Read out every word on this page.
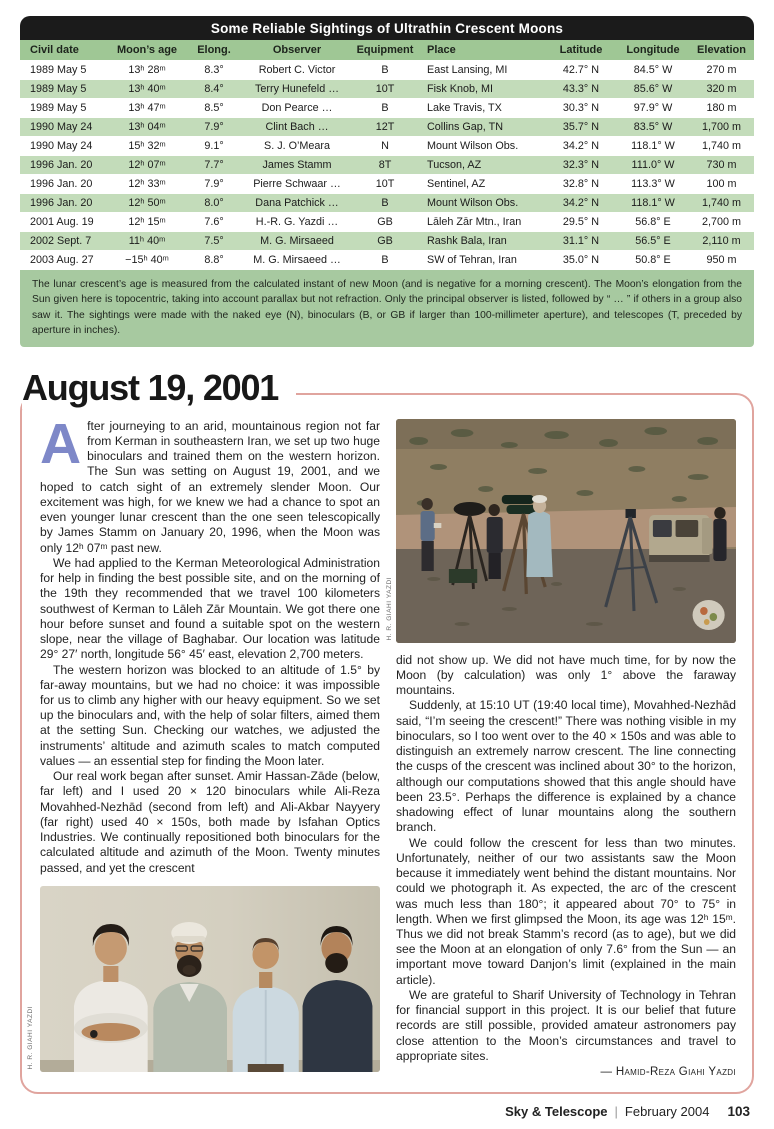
Some Reliable Sightings of Ultrathin Crescent Moons
Civil date	Moon’s age	Elong.	Observer	Equipment	Place	Latitude	Longitude	Elevation
1989 May 5	13ʰ 28ᵐ	8.3°	Robert C. Victor	B	East Lansing, MI	42.7° N	84.5° W	270 m
1989 May 5	13ʰ 40ᵐ	8.4°	Terry Hunefeld …	10T	Fisk Knob, MI	43.3° N	85.6° W	320 m
1989 May 5	13ʰ 47ᵐ	8.5°	Don Pearce …	B	Lake Travis, TX	30.3° N	97.9° W	180 m
1990 May 24	13ʰ 04ᵐ	7.9°	Clint Bach …	12T	Collins Gap, TN	35.7° N	83.5° W	1,700 m
1990 May 24	15ʰ 32ᵐ	9.1°	S. J. O’Meara	N	Mount Wilson Obs.	34.2° N	118.1° W	1,740 m
1996 Jan. 20	12ʰ 07ᵐ	7.7°	James Stamm	8T	Tucson, AZ	32.3° N	111.0° W	730 m
1996 Jan. 20	12ʰ 33ᵐ	7.9°	Pierre Schwaar …	10T	Sentinel, AZ	32.8° N	113.3° W	100 m
1996 Jan. 20	12ʰ 50ᵐ	8.0°	Dana Patchick …	B	Mount Wilson Obs.	34.2° N	118.1° W	1,740 m
2001 Aug. 19	12ʰ 15ᵐ	7.6°	H.-R. G. Yazdi …	GB	Lāleh Zār Mtn., Iran	29.5° N	56.8° E	2,700 m
2002 Sept. 7	11ʰ 40ᵐ	7.5°	M. G. Mirsaeed	GB	Rashk Bala, Iran	31.1° N	56.5° E	2,110 m
2003 Aug. 27	−15ʰ 40ᵐ	8.8°	M. G. Mirsaeed …	B	SW of Tehran, Iran	35.0° N	50.8° E	950 m
The lunar crescent’s age is measured from the calculated instant of new Moon (and is negative for a morning crescent). The Moon’s elongation from the Sun given here is topocentric, taking into account parallax but not refraction. Only the principal observer is listed, followed by “ … ” if others in a group also saw it. The sightings were made with the naked eye (N), binoculars (B, or GB if larger than 100-millimeter aperture), and telescopes (T, preceded by aperture in inches).
August 19, 2001

After journeying to an arid, mountainous region not far from Kerman in southeastern Iran, we set up two huge binoculars and trained them on the western horizon. The Sun was setting on August 19, 2001, and we hoped to catch sight of an extremely slender Moon. Our excitement was high, for we knew we had a chance to spot an even younger lunar crescent than the one seen telescopically by James Stamm on January 20, 1996, when the Moon was only 12ʰ 07ᵐ past new.

We had applied to the Kerman Meteorological Administration for help in finding the best possible site, and on the morning of the 19th they recommended that we travel 100 kilometers southwest of Kerman to Lāleh Zār Mountain. We got there one hour before sunset and found a suitable spot on the western slope, near the village of Baghabar. Our location was latitude 29° 27′ north, longitude 56° 45′ east, elevation 2,700 meters.

The western horizon was blocked to an altitude of 1.5° by far-away mountains, but we had no choice: it was impossible for us to climb any higher with our heavy equipment. So we set up the binoculars and, with the help of solar filters, aimed them at the setting Sun. Checking our watches, we adjusted the instruments’ altitude and azimuth scales to match computed values — an essential step for finding the Moon later.

Our real work began after sunset. Amir Hassan-Zāde (below, far left) and I used 20 × 120 binoculars while Ali-Reza Movahhed-Nezhād (second from left) and Ali-Akbar Nayyery (far right) used 40 × 150s, both made by Isfahan Optics Industries. We continually repositioned both binoculars for the calculated altitude and azimuth of the Moon. Twenty minutes passed, and yet the crescent

H. R. GIAHI YAZDI
H. R. GIAHI YAZDI

did not show up. We did not have much time, for by now the Moon (by calculation) was only 1° above the faraway mountains.

Suddenly, at 15:10 UT (19:40 local time), Movahhed-Nezhād said, “I’m seeing the crescent!” There was nothing visible in my binoculars, so I too went over to the 40 × 150s and was able to distinguish an extremely narrow crescent. The line connecting the cusps of the crescent was inclined about 30° to the horizon, although our computations showed that this angle should have been 23.5°. Perhaps the difference is explained by a chance shadowing effect of lunar mountains along the southern branch.

We could follow the crescent for less than two minutes. Unfortunately, neither of our two assistants saw the Moon because it immediately went behind the distant mountains. Nor could we photograph it. As expected, the arc of the crescent was much less than 180°; it appeared about 70° to 75° in length. When we first glimpsed the Moon, its age was 12ʰ 15ᵐ. Thus we did not break Stamm’s record (as to age), but we did see the Moon at an elongation of only 7.6° from the Sun — an important move toward Danjon’s limit (explained in the main article).

We are grateful to Sharif University of Technology in Tehran for financial support in this project. It is our belief that future records are still possible, provided amateur astronomers pay close attention to the Moon’s circumstances and travel to appropriate sites.

— Hamid-Reza Giahi Yazdi
Sky & Telescope | February 2004 103
